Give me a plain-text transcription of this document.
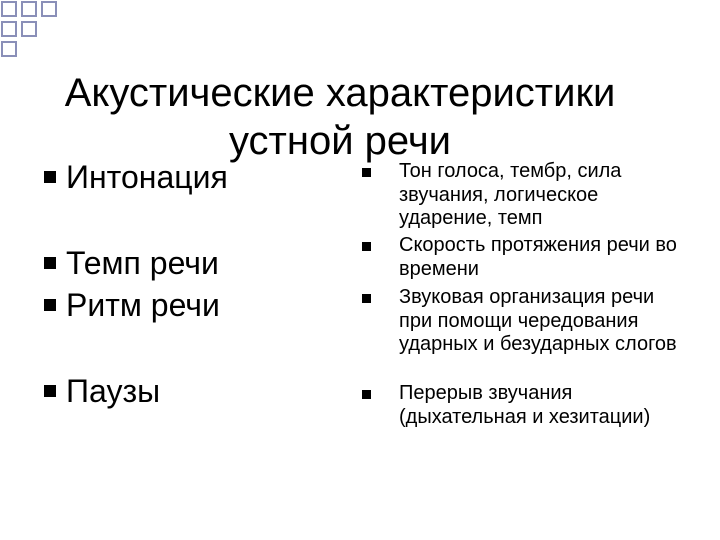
Акустические характеристики
устной речи
Интонация
Темп речи
Ритм речи
Паузы
Тон голоса, тембр, сила звучания, логическое ударение, темп
Скорость протяжения речи во времени
Звуковая организация речи при помощи чередования ударных и безударных слогов
Перерыв звучания (дыхательная и хезитации)
